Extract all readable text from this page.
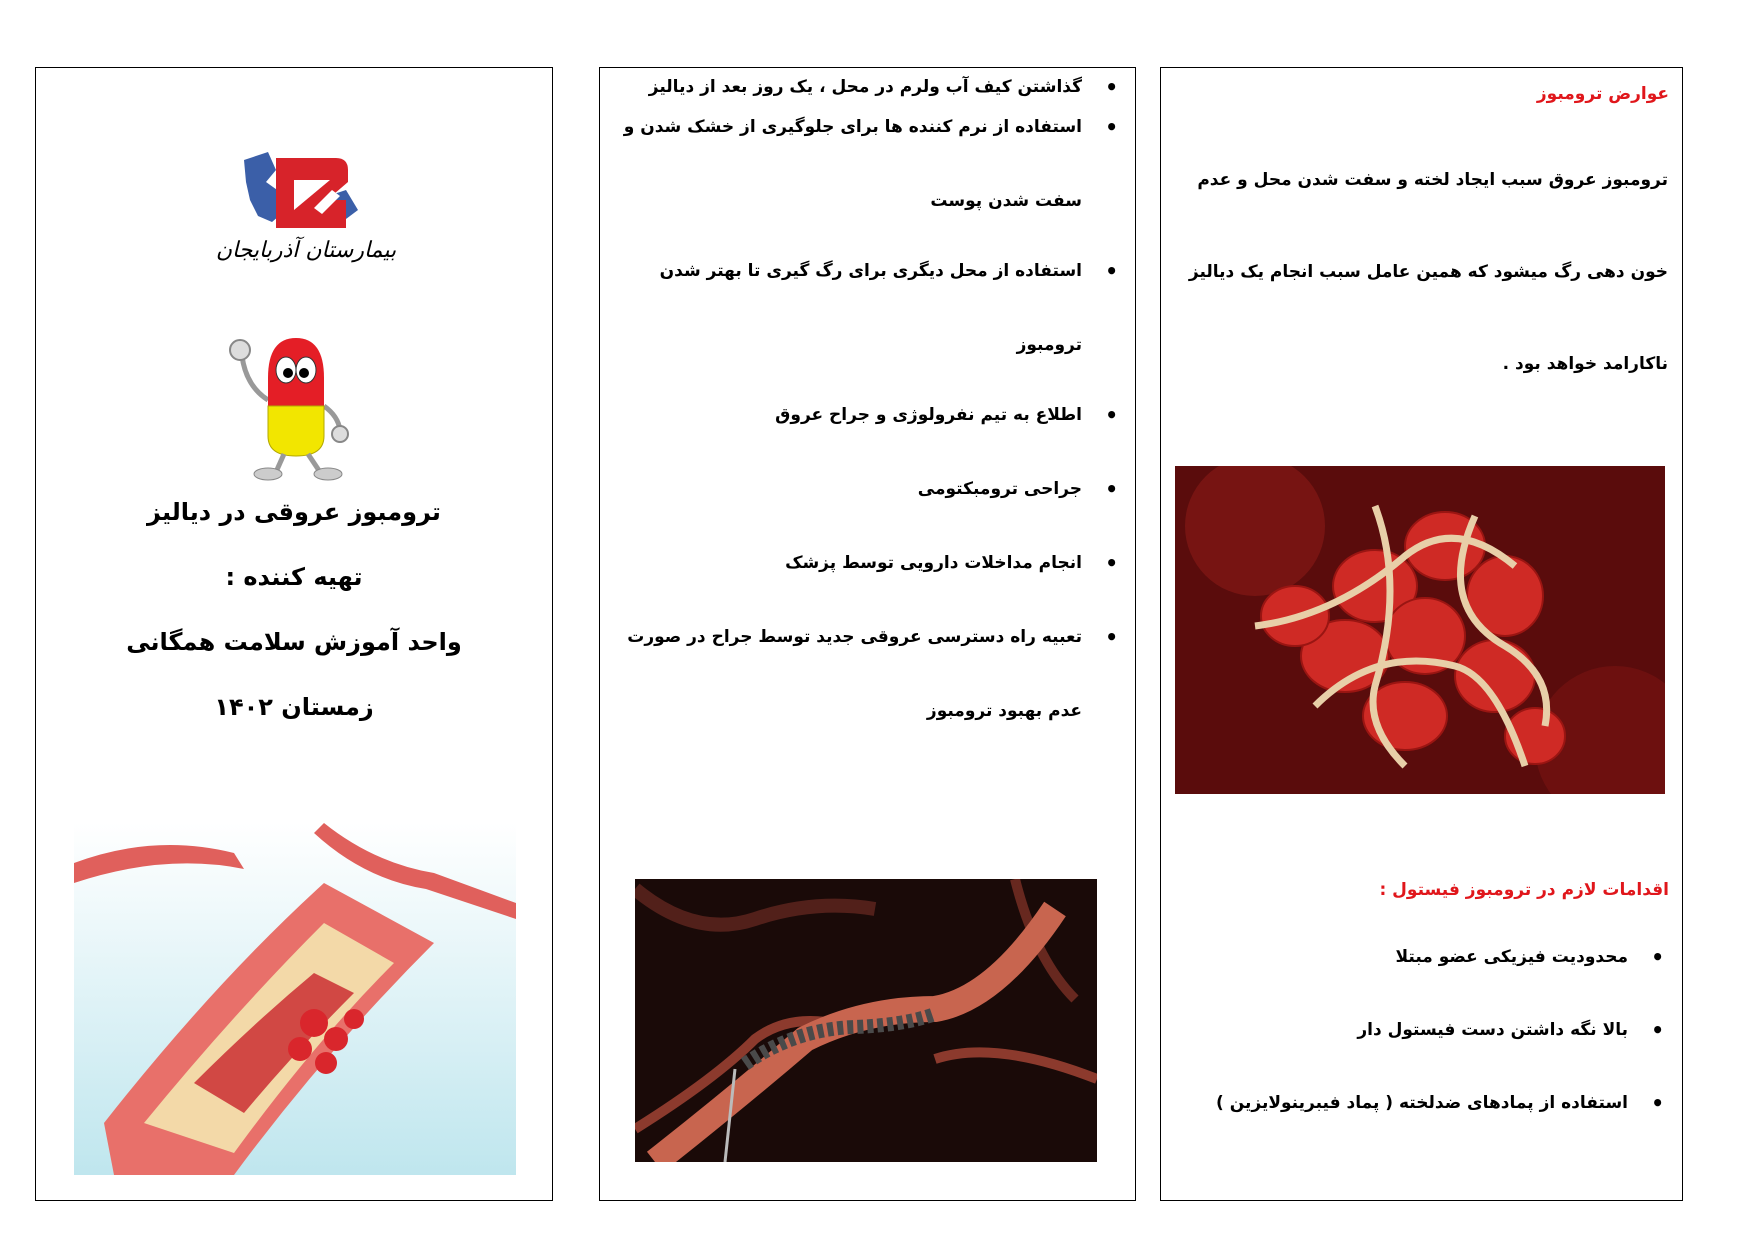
بیمارستان آذربایجان
ترومبوز عروقی در دیالیز
تهیه کننده :
واحد آموزش سلامت همگانی
زمستان ۱۴۰۲
• گذاشتن کیف آب ولرم در محل ، یک روز بعد از دیالیز
• استفاده از نرم کننده ها برای جلوگیری از خشک شدن و سفت شدن پوست
• استفاده از محل دیگری برای رگ گیری تا بهتر شدن ترومبوز
• اطلاع به تیم نفرولوژی و جراح عروق
• جراحی ترومبکتومی
• انجام مداخلات دارویی توسط پزشک
• تعبیه راه دسترسی عروقی جدید توسط جراح در صورت عدم بهبود ترومبوز
عوارض ترومبوز
ترومبوز عروق سبب ایجاد لخته و سفت شدن محل و عدم خون دهی رگ میشود که همین عامل سبب انجام یک دیالیز ناکارامد خواهد بود .
اقدامات لازم در ترومبوز فیستول :
• محدودیت فیزیکی عضو مبتلا
• بالا نگه داشتن دست فیستول دار
• استفاده از پمادهای ضدلخته ( پماد فیبرینولایزین )
